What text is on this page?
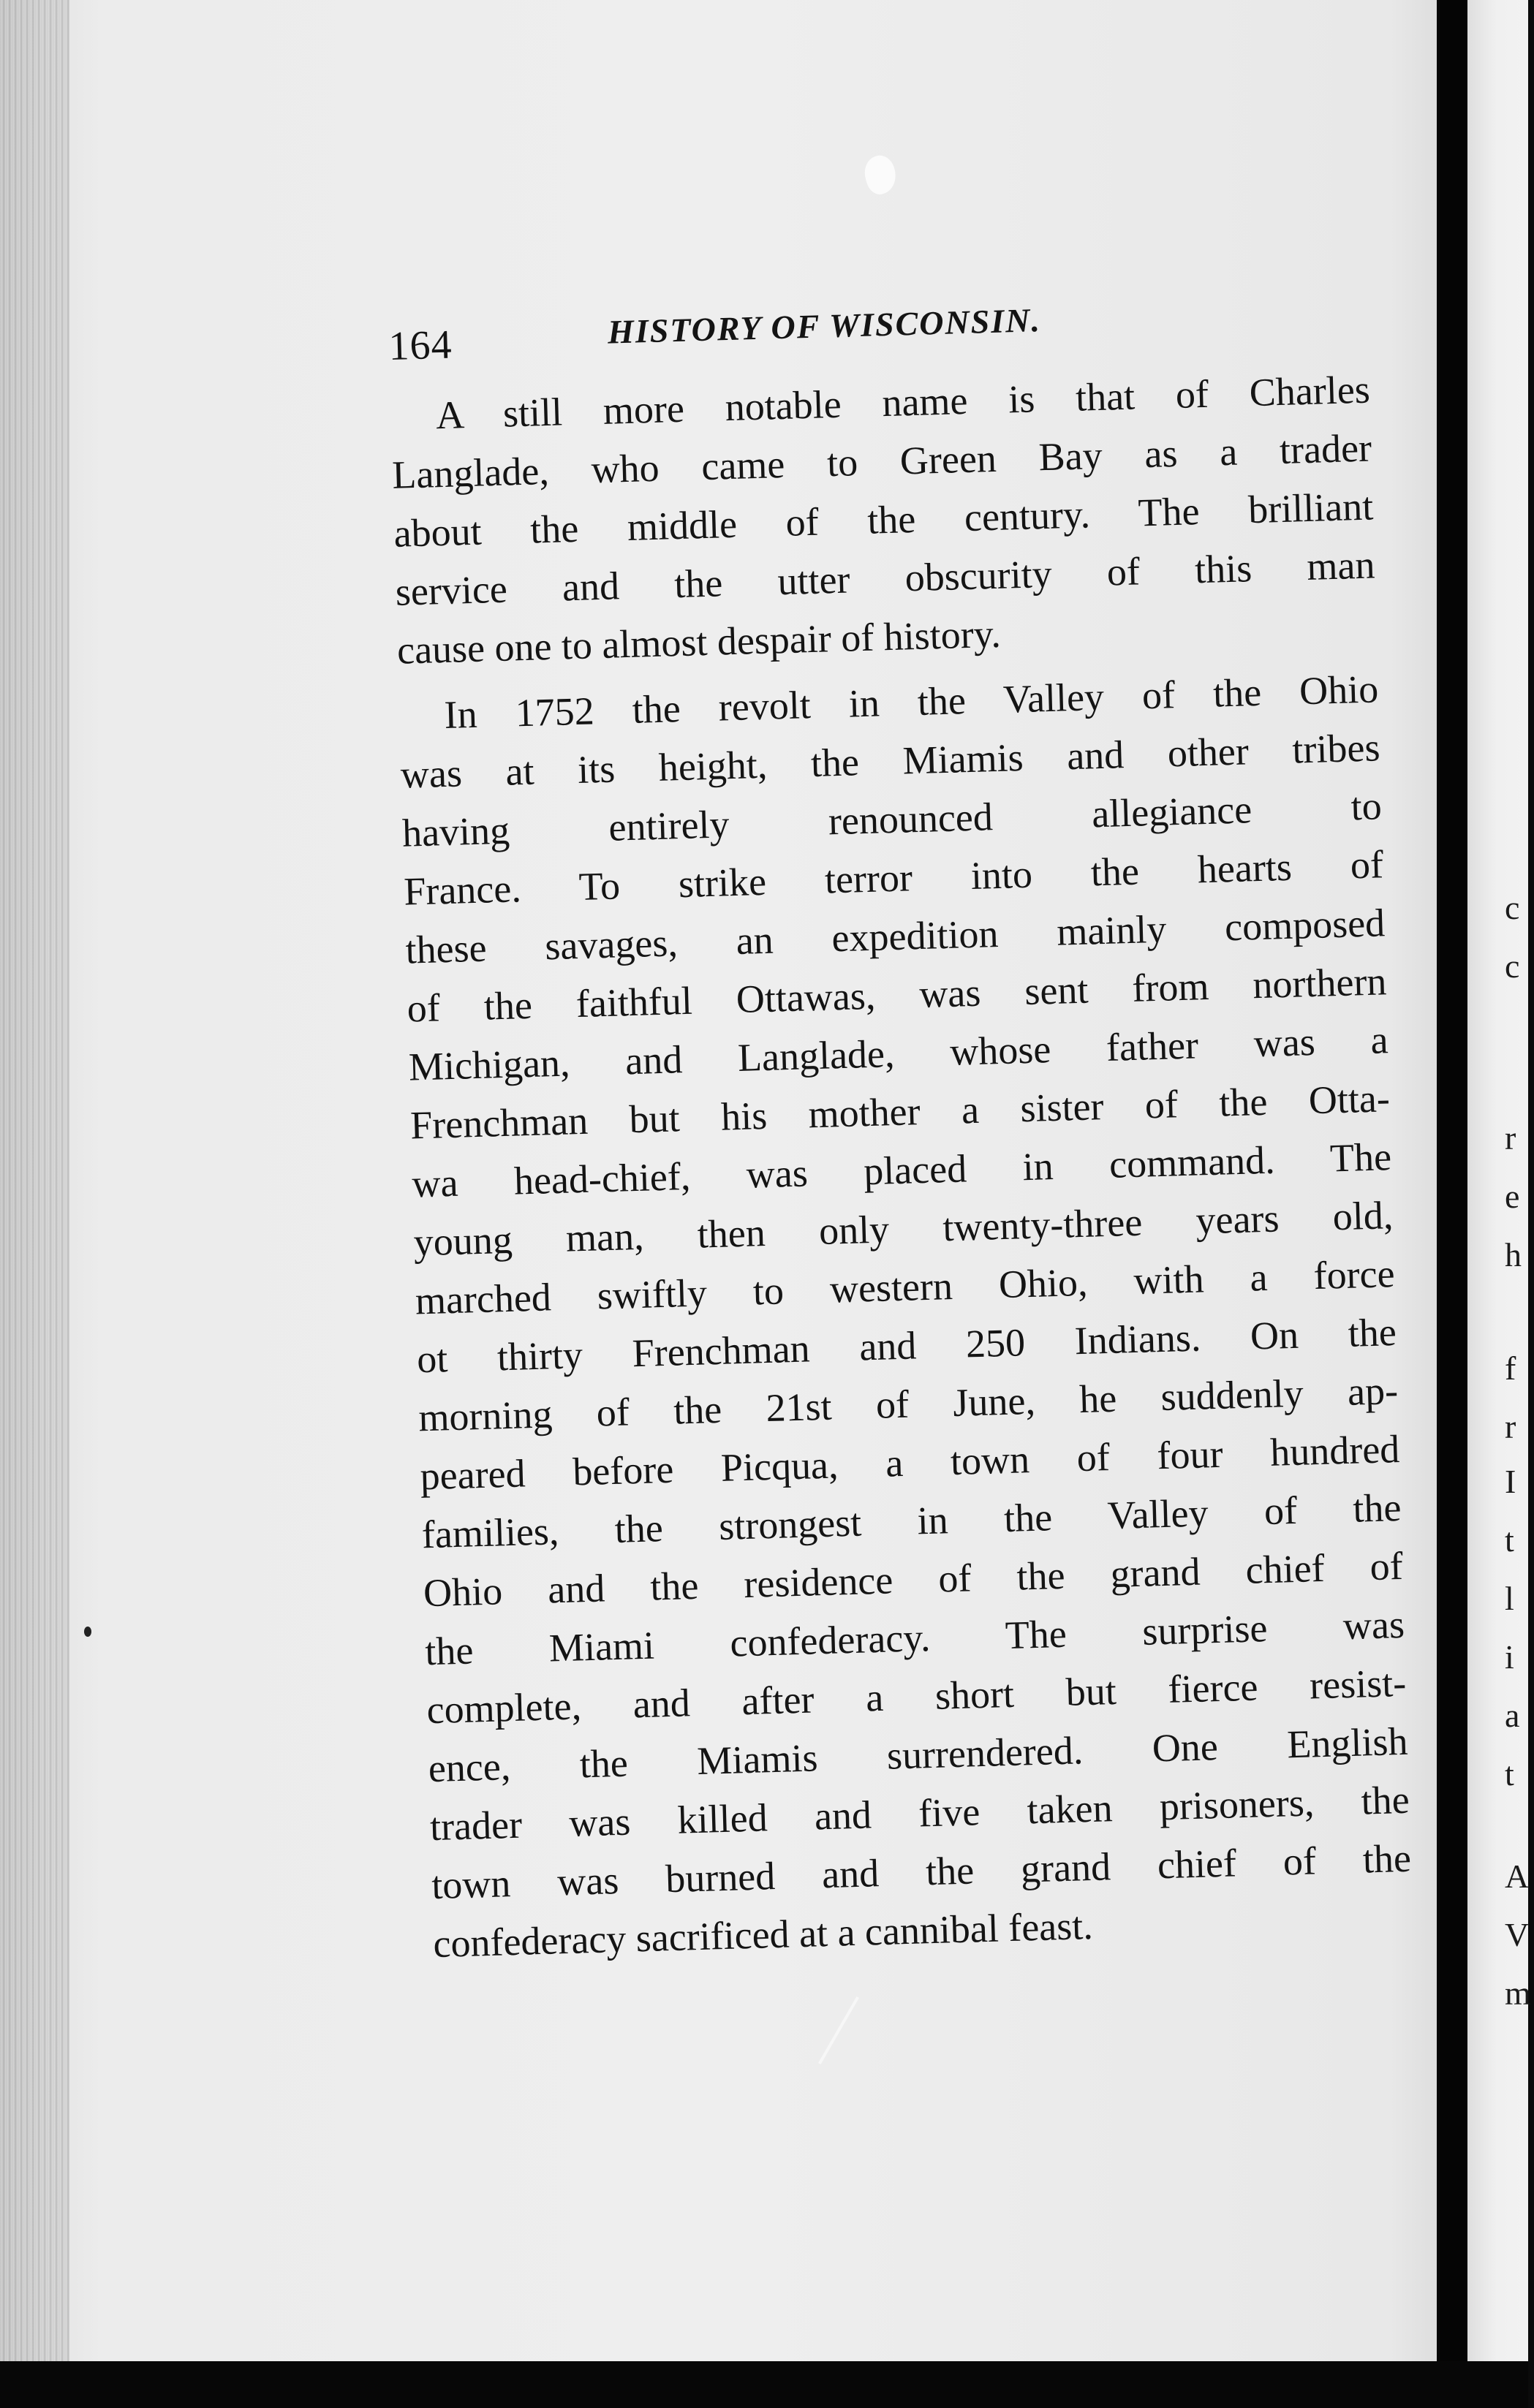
164	HISTORY OF WISCONSIN.
A still more notable name is that of Charles
Langlade, who came to Green Bay as a trader
about the middle of the century. The brilliant
service and the utter obscurity of this man
cause one to almost despair of history.
In 1752 the revolt in the Valley of the Ohio
was at its height, the Miamis and other tribes
having entirely renounced allegiance to
France. To strike terror into the hearts of
these savages, an expedition mainly composed
of the faithful Ottawas, was sent from northern
Michigan, and Langlade, whose father was a
Frenchman but his mother a sister of the Otta-
wa head-chief, was placed in command. The
young man, then only twenty-three years old,
marched swiftly to western Ohio, with a force
ot thirty Frenchman and 250 Indians. On the
morning of the 21st of June, he suddenly ap-
peared before Picqua, a town of four hundred
families, the strongest in the Valley of the
Ohio and the residence of the grand chief of
the Miami confederacy. The surprise was
complete, and after a short but fierce resist-
ence, the Miamis surrendered. One English
trader was killed and five taken prisoners, the
town was burned and the grand chief of the
confederacy sacrificed at a cannibal feast.
c
c
r
e
h
f
r
I
t
l
i
a
t
A
V
m
